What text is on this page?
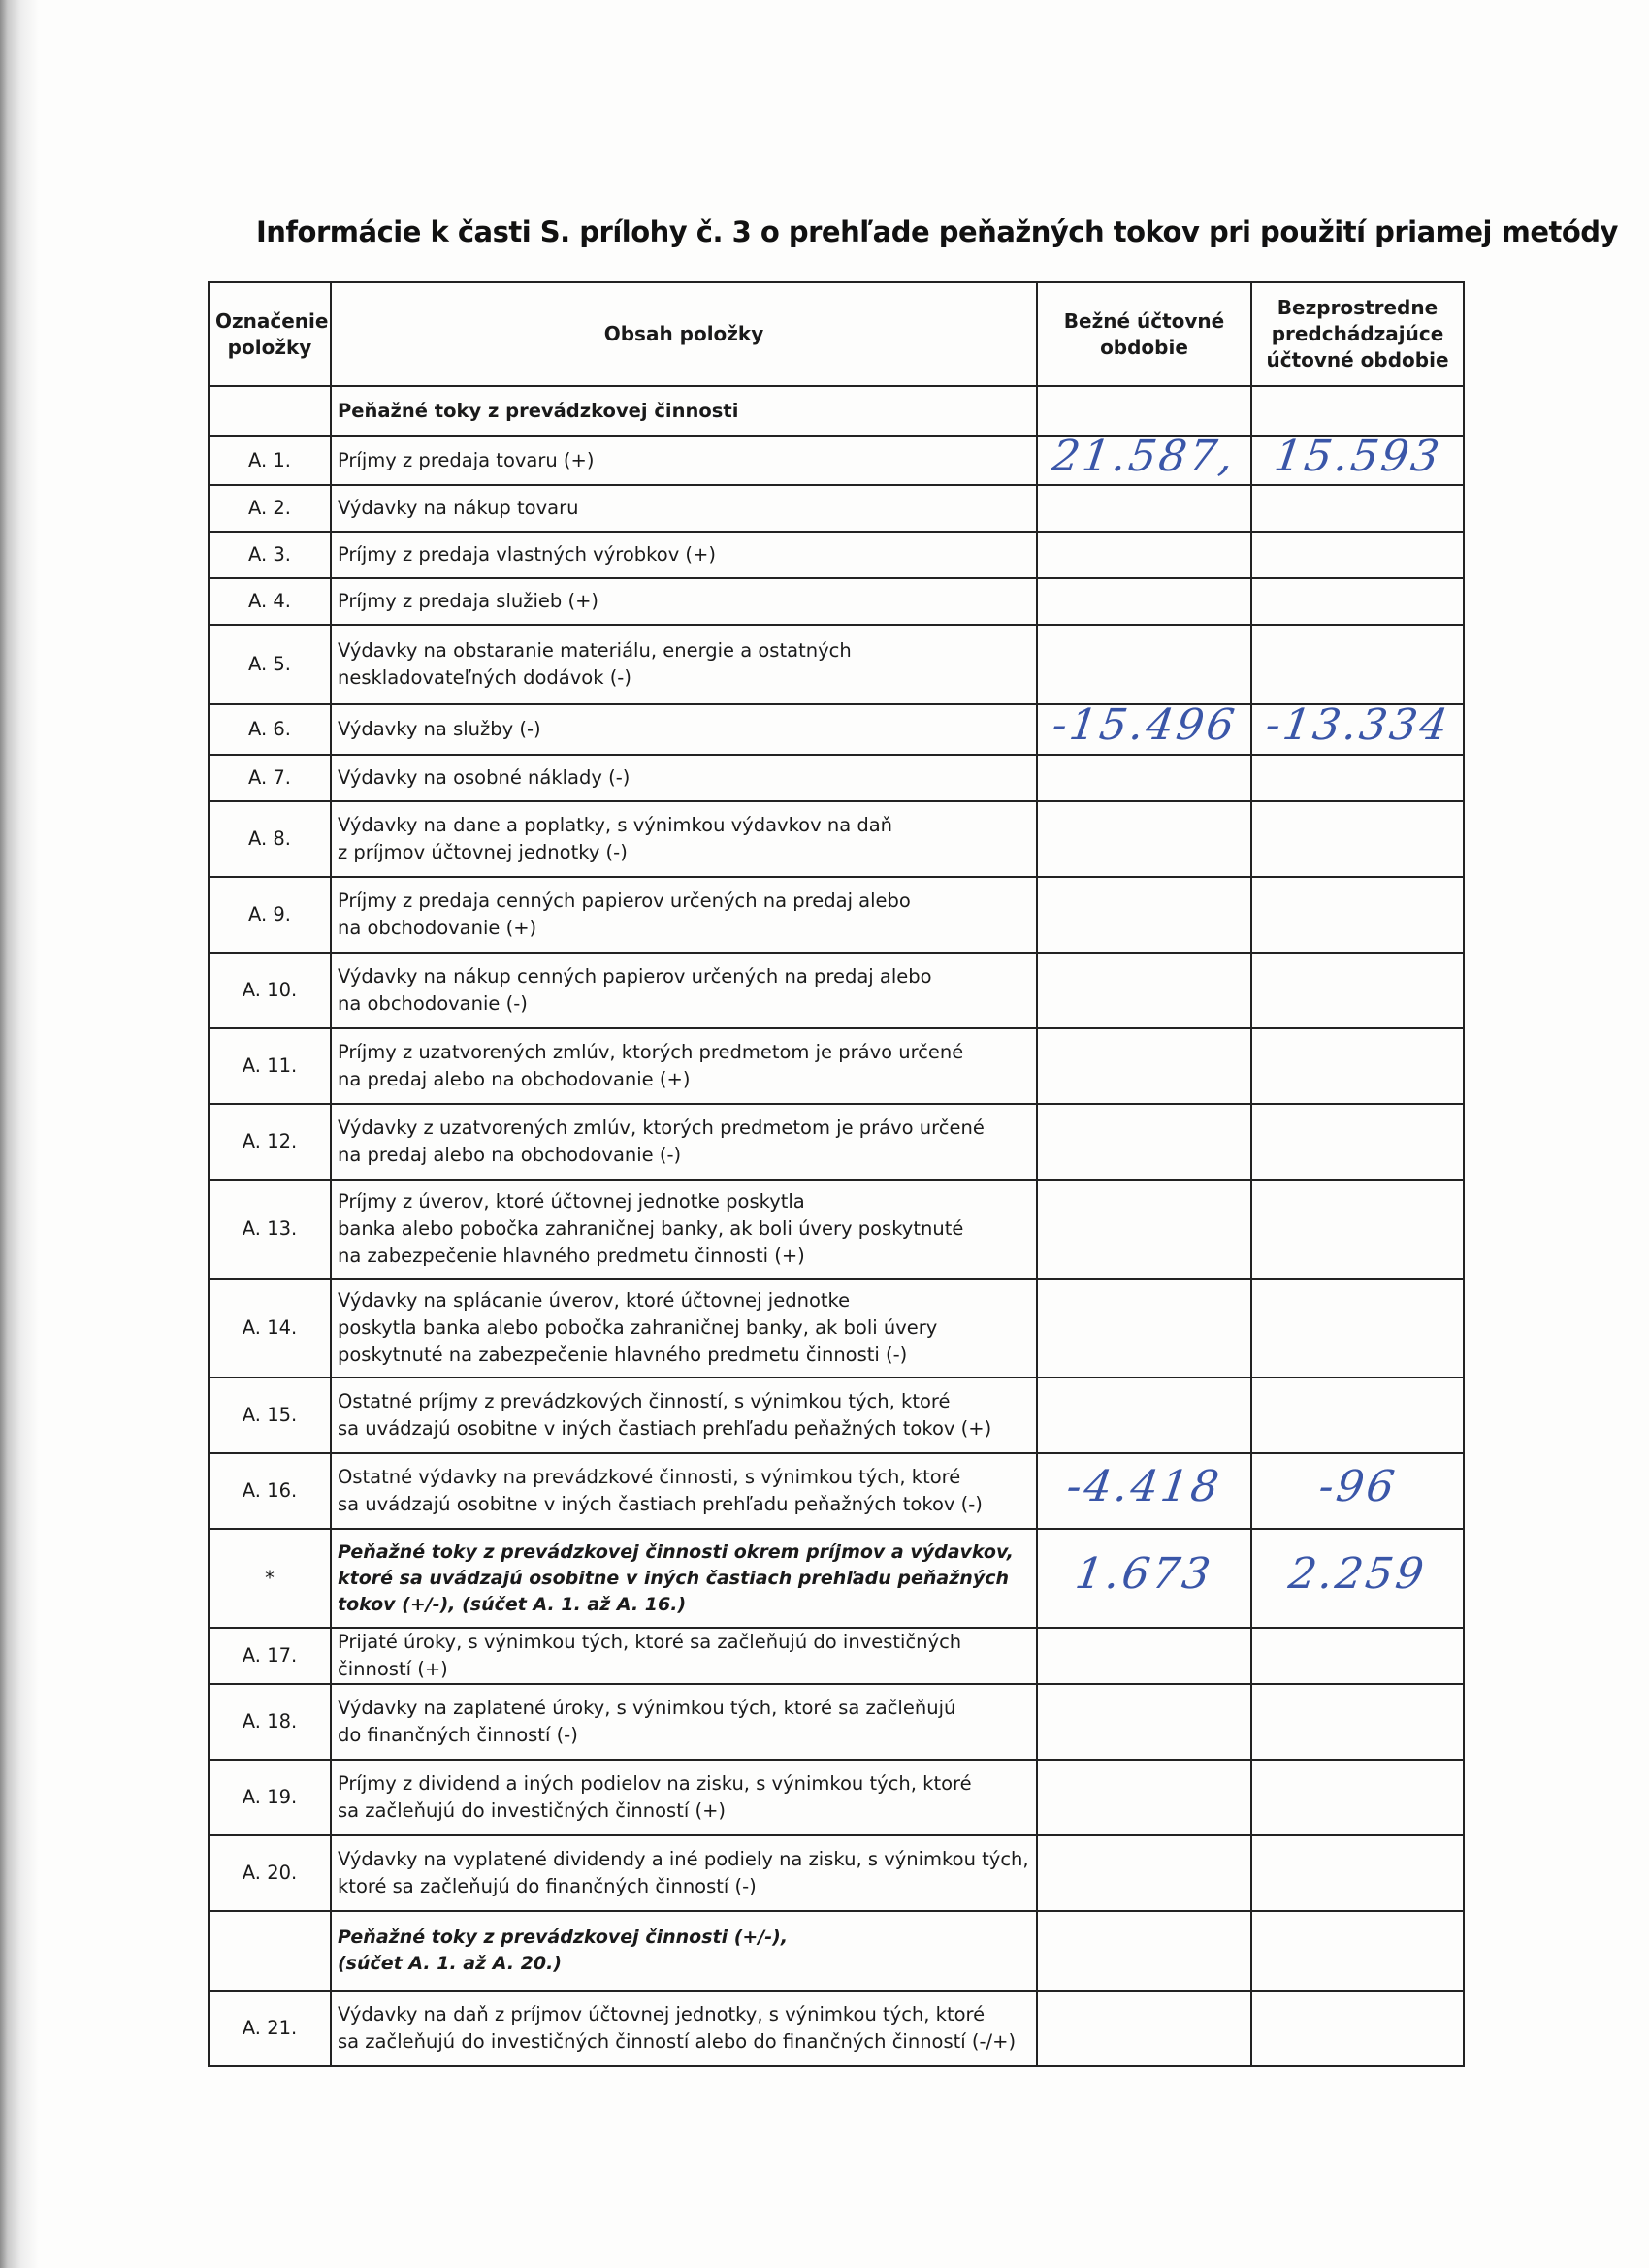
Informácie k časti S. prílohy č. 3 o prehľade peňažných tokov pri použití priamej metódy
Označenie položky	Obsah položky	Bežné účtovné obdobie	Bezprostredne predchádzajúce účtovné obdobie

	Peňažné toky z prevádzkovej činnosti		

A. 1.	Príjmy z predaja tovaru (+)	21.587,	15.593
A. 2.	Výdavky na nákup tovaru		

A. 3.	Príjmy z predaja vlastných výrobkov (+)		

A. 4.	Príjmy z predaja služieb (+)		

A. 5.	Výdavky na obstaranie materiálu, energie a ostatných
neskladovateľných dodávok (-)		

A. 6.	Výdavky na služby (-)	-15.496	-13.334
A. 7.	Výdavky na osobné náklady (-)		

A. 8.	Výdavky na dane a poplatky, s výnimkou výdavkov na daň
z príjmov účtovnej jednotky (-)		

A. 9.	Príjmy z predaja cenných papierov určených na predaj alebo
na obchodovanie (+)		

A. 10.	Výdavky na nákup cenných papierov určených na predaj alebo
na obchodovanie (-)		

A. 11.	Príjmy z uzatvorených zmlúv, ktorých predmetom je právo určené
na predaj alebo na obchodovanie (+)		

A. 12.	Výdavky z uzatvorených zmlúv, ktorých predmetom je právo určené
na predaj alebo na obchodovanie (-)		

A. 13.	Príjmy z úverov, ktoré účtovnej jednotke poskytla
banka alebo pobočka zahraničnej banky, ak boli úvery poskytnuté
na zabezpečenie hlavného predmetu činnosti (+)		

A. 14.	Výdavky na splácanie úverov, ktoré účtovnej jednotke
poskytla banka alebo pobočka zahraničnej banky, ak boli úvery
poskytnuté na zabezpečenie hlavného predmetu činnosti (-)		

A. 15.	Ostatné príjmy z prevádzkových činností, s výnimkou tých, ktoré
sa uvádzajú osobitne v iných častiach prehľadu peňažných tokov (+)		

A. 16.	Ostatné výdavky na prevádzkové činnosti, s výnimkou tých, ktoré
sa uvádzajú osobitne v iných častiach prehľadu peňažných tokov (-)	-4.418	-96
*	Peňažné toky z prevádzkovej činnosti okrem príjmov a výdavkov,
ktoré sa uvádzajú osobitne v iných častiach prehľadu peňažných
tokov (+/-), (súčet A. 1. až A. 16.)	1.673	2.259
A. 17.	Prijaté úroky, s výnimkou tých, ktoré sa začleňujú do investičných činností (+)		

A. 18.	Výdavky na zaplatené úroky, s výnimkou tých, ktoré sa začleňujú
do finančných činností (-)		

A. 19.	Príjmy z dividend a iných podielov na zisku, s výnimkou tých, ktoré
sa začleňujú do investičných činností (+)		

A. 20.	Výdavky na vyplatené dividendy a iné podiely na zisku, s výnimkou tých,
ktoré sa začleňujú do finančných činností (-)		

	Peňažné toky z prevádzkovej činnosti (+/-),
(súčet A. 1. až A. 20.)		

A. 21.	Výdavky na daň z príjmov účtovnej jednotky, s výnimkou tých, ktoré
sa začleňujú do investičných činností alebo do finančných činností (-/+)		
